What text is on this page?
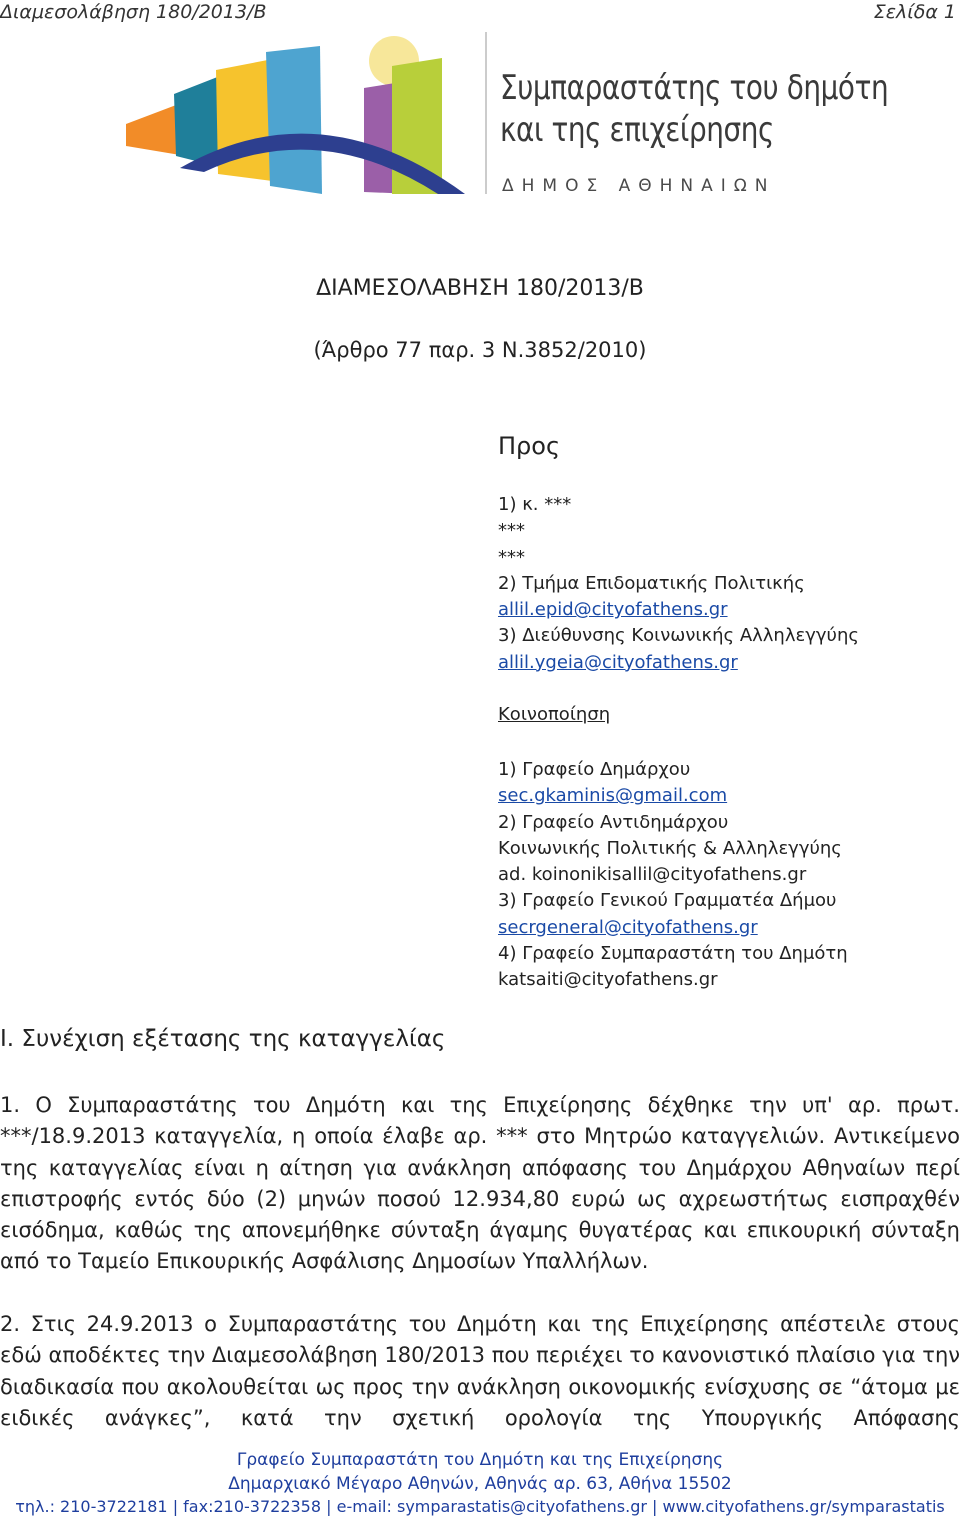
Διαμεσολάβηση 180/2013/Β	Σελίδα 1
Συμπαραστάτης του δημότη
και της επιχείρησης
ΔΗΜΟΣ ΑΘΗΝΑΙΩΝ
ΔΙΑΜΕΣΟΛΑΒΗΣΗ 180/2013/Β
(Άρθρο 77 παρ. 3 Ν.3852/2010)
Προς
1) κ. ***
***
***
2) Τμήμα Επιδοματικής Πολιτικής
allil.epid@cityofathens.gr
3) Διεύθυνσης Κοινωνικής Αλληλεγγύης
allil.ygeia@cityofathens.gr
Κοινοποίηση
1) Γραφείο Δημάρχου
sec.gkaminis@gmail.com
2) Γραφείο Αντιδημάρχου
Κοινωνικής Πολιτικής & Αλληλεγγύης
ad. koinonikisallil@cityofathens.gr
3) Γραφείο Γενικού Γραμματέα Δήμου
secrgeneral@cityofathens.gr
4) Γραφείο Συμπαραστάτη του Δημότη
katsaiti@cityofathens.gr
Ι. Συνέχιση εξέτασης της καταγγελίας

1. Ο Συμπαραστάτης του Δημότη και της Επιχείρησης δέχθηκε την υπ' αρ. πρωτ. ***/18.9.2013 καταγγελία, η οποία έλαβε αρ. *** στο Μητρώο καταγγελιών. Αντικείμενο της καταγγελίας είναι η αίτηση για ανάκληση απόφασης του Δημάρχου Αθηναίων περί επιστροφής εντός δύο (2) μηνών ποσού 12.934,80 ευρώ ως αχρεωστήτως εισπραχθέν εισόδημα, καθώς της απονεμήθηκε σύνταξη άγαμης θυγατέρας και επικουρική σύνταξη από το Ταμείο Επικουρικής Ασφάλισης Δημοσίων Υπαλλήλων.

2. Στις 24.9.2013 ο Συμπαραστάτης του Δημότη και της Επιχείρησης απέστειλε στους εδώ αποδέκτες την Διαμεσολάβηση 180/2013 που περιέχει το κανονιστικό πλαίσιο για την διαδικασία που ακολουθείται ως προς την ανάκληση οικονομικής ενίσχυσης σε “άτομα με ειδικές ανάγκες”, κατά την σχετική ορολογία της Υπουργικής Απόφασης

Γραφείο Συμπαραστάτη του Δημότη και της Επιχείρησης
Δημαρχιακό Μέγαρο Αθηνών, Αθηνάς αρ. 63, Αθήνα 15502
τηλ.: 210-3722181 | fax:210-3722358 | e-mail: symparastatis@cityofathens.gr | www.cityofathens.gr/symparastatis
